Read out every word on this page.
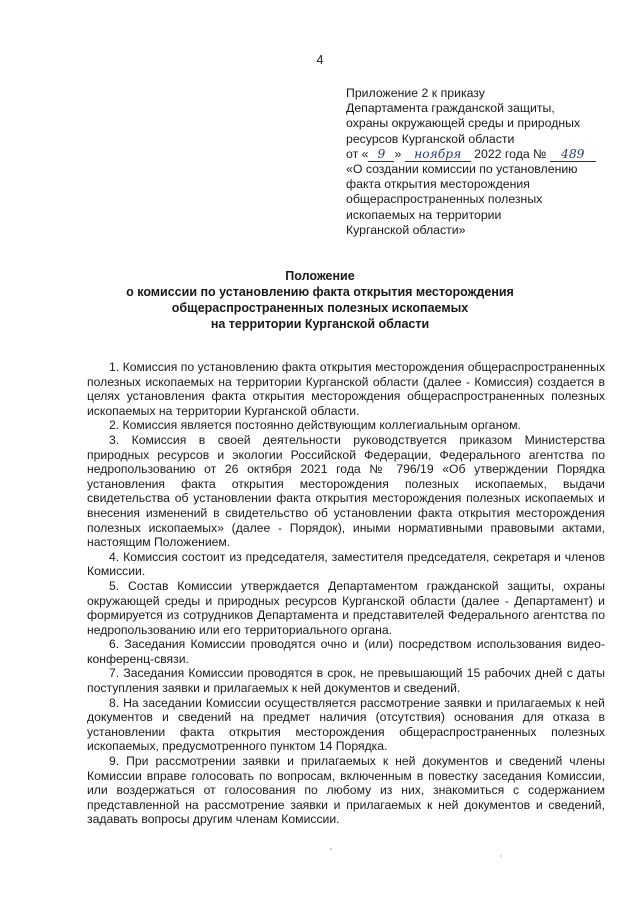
4
Приложение 2 к приказу
Департамента гражданской защиты,
охраны окружающей среды и природных
ресурсов Курганской области
от « 9 » ноября 2022 года № 489
«О создании комиссии по установлению
факта открытия месторождения
общераспространенных полезных
ископаемых на территории
Курганской области»
Положение
о комиссии по установлению факта открытия месторождения
общераспространенных полезных ископаемых
на территории Курганской области

1. Комиссия по установлению факта открытия месторождения общераспространенных полезных ископаемых на территории Курганской области (далее - Комиссия) создается в целях установления факта открытия месторождения общераспространенных полезных ископаемых на территории Курганской области.

2. Комиссия является постоянно действующим коллегиальным органом.

3. Комиссия в своей деятельности руководствуется приказом Министерства природных ресурсов и экологии Российской Федерации, Федерального агентства по недропользованию от 26 октября 2021 года № 796/19 «Об утверждении Порядка установления факта открытия месторождения полезных ископаемых, выдачи свидетельства об установлении факта открытия месторождения полезных ископаемых и внесения изменений в свидетельство об установлении факта открытия месторождения полезных ископаемых» (далее - Порядок), иными нормативными правовыми актами, настоящим Положением.

4. Комиссия состоит из председателя, заместителя председателя, секретаря и членов Комиссии.

5. Состав Комиссии утверждается Департаментом гражданской защиты, охраны окружающей среды и природных ресурсов Курганской области (далее - Департамент) и формируется из сотрудников Департамента и представителей Федерального агентства по недропользованию или его территориального органа.

6. Заседания Комиссии проводятся очно и (или) посредством использования видео-конференц-связи.

7. Заседания Комиссии проводятся в срок, не превышающий 15 рабочих дней с даты поступления заявки и прилагаемых к ней документов и сведений.

8. На заседании Комиссии осуществляется рассмотрение заявки и прилагаемых к ней документов и сведений на предмет наличия (отсутствия) основания для отказа в установлении факта открытия месторождения общераспространенных полезных ископаемых, предусмотренного пунктом 14 Порядка.

9. При рассмотрении заявки и прилагаемых к ней документов и сведений члены Комиссии вправе голосовать по вопросам, включенным в повестку заседания Комиссии, или воздержаться от голосования по любому из них, знакомиться с содержанием представленной на рассмотрение заявки и прилагаемых к ней документов и сведений, задавать вопросы другим членам Комиссии.
